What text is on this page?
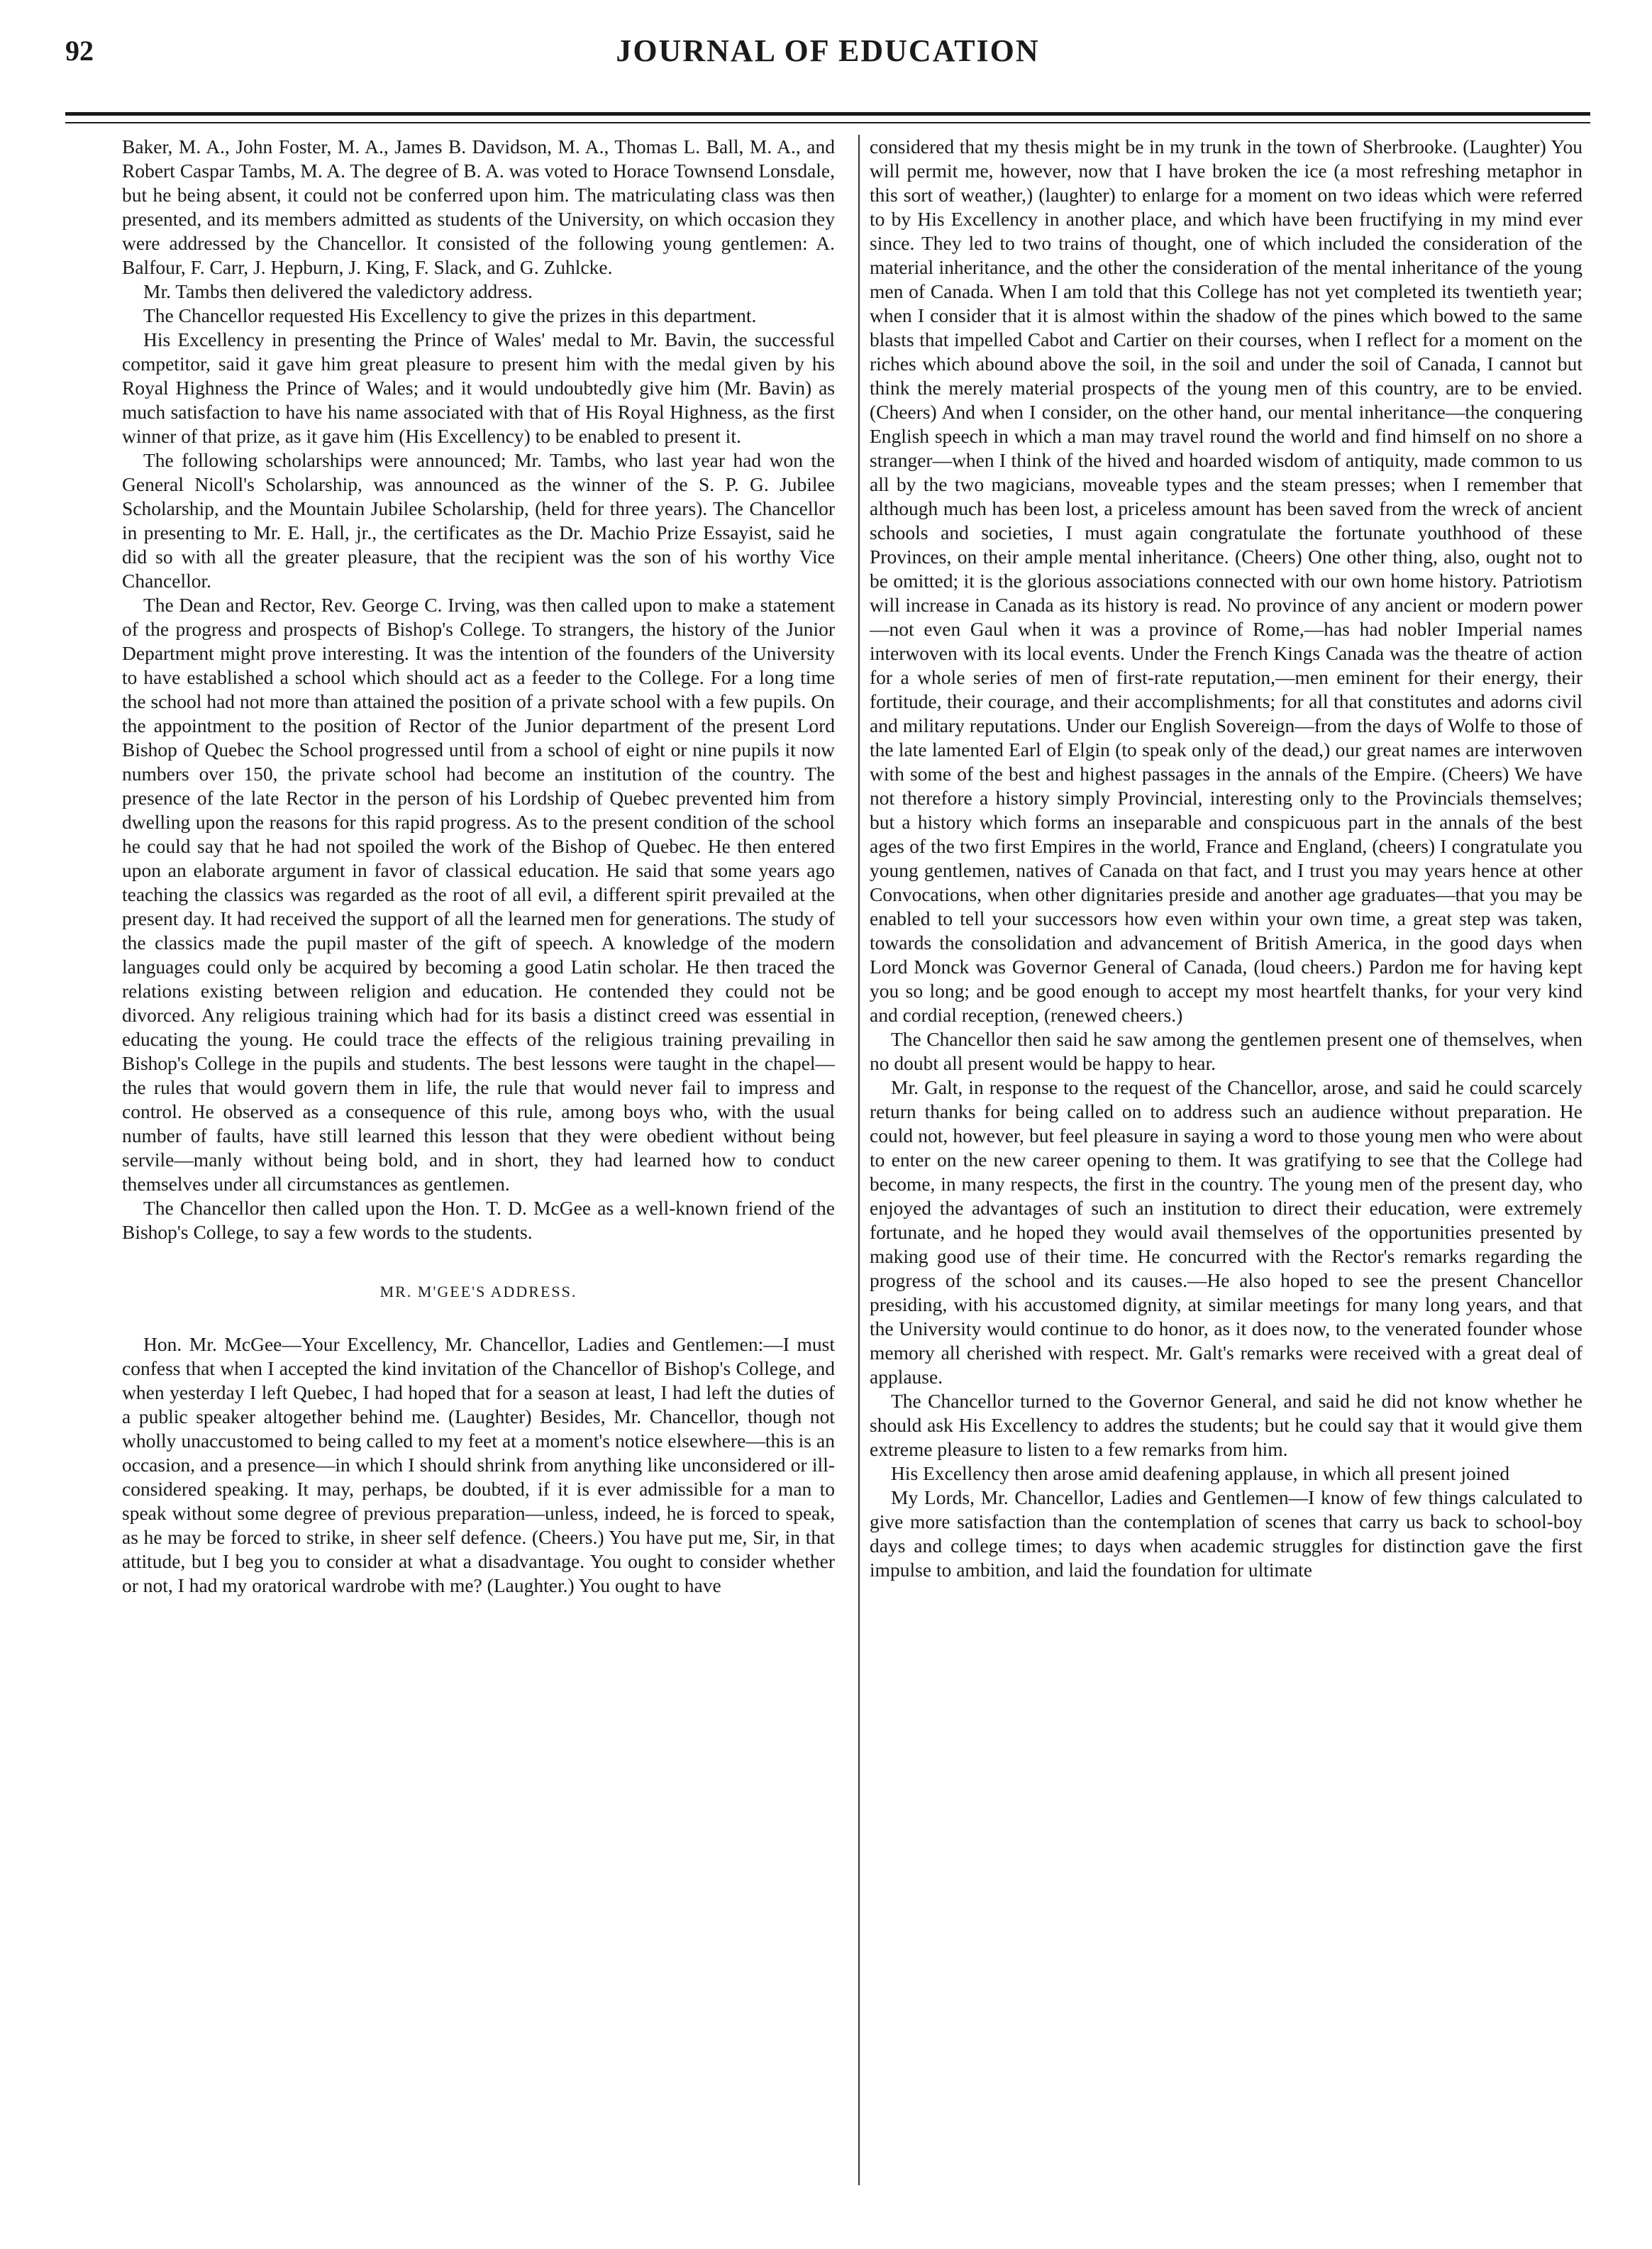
92	JOURNAL OF EDUCATION

Baker, M. A., John Foster, M. A., James B. Davidson, M. A., Thomas L. Ball, M. A., and Robert Caspar Tambs, M. A. The degree of B. A. was voted to Horace Townsend Lonsdale, but he being absent, it could not be conferred upon him. The matriculating class was then presented, and its members admitted as students of the University, on which occasion they were addressed by the Chancellor. It consisted of the following young gentlemen: A. Balfour, F. Carr, J. Hepburn, J. King, F. Slack, and G. Zuhlcke.

Mr. Tambs then delivered the valedictory address.

The Chancellor requested His Excellency to give the prizes in this department.

His Excellency in presenting the Prince of Wales' medal to Mr. Bavin, the successful competitor, said it gave him great pleasure to present him with the medal given by his Royal Highness the Prince of Wales; and it would undoubtedly give him (Mr. Bavin) as much satisfaction to have his name associated with that of His Royal Highness, as the first winner of that prize, as it gave him (His Excellency) to be enabled to present it.

The following scholarships were announced; Mr. Tambs, who last year had won the General Nicoll's Scholarship, was announced as the winner of the S. P. G. Jubilee Scholarship, and the Mountain Jubilee Scholarship, (held for three years). The Chancellor in presenting to Mr. E. Hall, jr., the certificates as the Dr. Machio Prize Essayist, said he did so with all the greater pleasure, that the recipient was the son of his worthy Vice Chancellor.

The Dean and Rector, Rev. George C. Irving, was then called upon to make a statement of the progress and prospects of Bishop's College. To strangers, the history of the Junior Department might prove interesting. It was the intention of the founders of the University to have established a school which should act as a feeder to the College. For a long time the school had not more than attained the position of a private school with a few pupils. On the appointment to the position of Rector of the Junior department of the present Lord Bishop of Quebec the School progressed until from a school of eight or nine pupils it now numbers over 150, the private school had become an institution of the country. The presence of the late Rector in the person of his Lordship of Quebec prevented him from dwelling upon the reasons for this rapid progress. As to the present condition of the school he could say that he had not spoiled the work of the Bishop of Quebec. He then entered upon an elaborate argument in favor of classical education. He said that some years ago teaching the classics was regarded as the root of all evil, a different spirit prevailed at the present day. It had received the support of all the learned men for generations. The study of the classics made the pupil master of the gift of speech. A knowledge of the modern languages could only be acquired by becoming a good Latin scholar. He then traced the relations existing between religion and education. He contended they could not be divorced. Any religious training which had for its basis a distinct creed was essential in educating the young. He could trace the effects of the religious training prevailing in Bishop's College in the pupils and students. The best lessons were taught in the chapel—the rules that would govern them in life, the rule that would never fail to impress and control. He observed as a consequence of this rule, among boys who, with the usual number of faults, have still learned this lesson that they were obedient without being servile—manly without being bold, and in short, they had learned how to conduct themselves under all circumstances as gentlemen.

The Chancellor then called upon the Hon. T. D. McGee as a well-known friend of the Bishop's College, to say a few words to the students.

MR. M'GEE'S ADDRESS.

Hon. Mr. McGee—Your Excellency, Mr. Chancellor, Ladies and Gentlemen:—I must confess that when I accepted the kind invitation of the Chancellor of Bishop's College, and when yesterday I left Quebec, I had hoped that for a season at least, I had left the duties of a public speaker altogether behind me. (Laughter) Besides, Mr. Chancellor, though not wholly unaccustomed to being called to my feet at a moment's notice elsewhere—this is an occasion, and a presence—in which I should shrink from anything like unconsidered or ill-considered speaking. It may, perhaps, be doubted, if it is ever admissible for a man to speak without some degree of previous preparation—unless, indeed, he is forced to speak, as he may be forced to strike, in sheer self defence. (Cheers.) You have put me, Sir, in that attitude, but I beg you to consider at what a disadvantage. You ought to consider whether or not, I had my oratorical wardrobe with me? (Laughter.) You ought to have

considered that my thesis might be in my trunk in the town of Sherbrooke. (Laughter) You will permit me, however, now that I have broken the ice (a most refreshing metaphor in this sort of weather,) (laughter) to enlarge for a moment on two ideas which were referred to by His Excellency in another place, and which have been fructifying in my mind ever since. They led to two trains of thought, one of which included the consideration of the material inheritance, and the other the consideration of the mental inheritance of the young men of Canada. When I am told that this College has not yet completed its twentieth year; when I consider that it is almost within the shadow of the pines which bowed to the same blasts that impelled Cabot and Cartier on their courses, when I reflect for a moment on the riches which abound above the soil, in the soil and under the soil of Canada, I cannot but think the merely material prospects of the young men of this country, are to be envied. (Cheers) And when I consider, on the other hand, our mental inheritance—the conquering English speech in which a man may travel round the world and find himself on no shore a stranger—when I think of the hived and hoarded wisdom of antiquity, made common to us all by the two magicians, moveable types and the steam presses; when I remember that although much has been lost, a priceless amount has been saved from the wreck of ancient schools and societies, I must again congratulate the fortunate youthhood of these Provinces, on their ample mental inheritance. (Cheers) One other thing, also, ought not to be omitted; it is the glorious associations connected with our own home history. Patriotism will increase in Canada as its history is read. No province of any ancient or modern power—not even Gaul when it was a province of Rome,—has had nobler Imperial names interwoven with its local events. Under the French Kings Canada was the theatre of action for a whole series of men of first-rate reputation,—men eminent for their energy, their fortitude, their courage, and their accomplishments; for all that constitutes and adorns civil and military reputations. Under our English Sovereign—from the days of Wolfe to those of the late lamented Earl of Elgin (to speak only of the dead,) our great names are interwoven with some of the best and highest passages in the annals of the Empire. (Cheers) We have not therefore a history simply Provincial, interesting only to the Provincials themselves; but a history which forms an inseparable and conspicuous part in the annals of the best ages of the two first Empires in the world, France and England, (cheers) I congratulate you young gentlemen, natives of Canada on that fact, and I trust you may years hence at other Convocations, when other dignitaries preside and another age graduates—that you may be enabled to tell your successors how even within your own time, a great step was taken, towards the consolidation and advancement of British America, in the good days when Lord Monck was Governor General of Canada, (loud cheers.) Pardon me for having kept you so long; and be good enough to accept my most heartfelt thanks, for your very kind and cordial reception, (renewed cheers.)

The Chancellor then said he saw among the gentlemen present one of themselves, when no doubt all present would be happy to hear.

Mr. Galt, in response to the request of the Chancellor, arose, and said he could scarcely return thanks for being called on to address such an audience without preparation. He could not, however, but feel pleasure in saying a word to those young men who were about to enter on the new career opening to them. It was gratifying to see that the College had become, in many respects, the first in the country. The young men of the present day, who enjoyed the advantages of such an institution to direct their education, were extremely fortunate, and he hoped they would avail themselves of the opportunities presented by making good use of their time. He concurred with the Rector's remarks regarding the progress of the school and its causes.—He also hoped to see the present Chancellor presiding, with his accustomed dignity, at similar meetings for many long years, and that the University would continue to do honor, as it does now, to the venerated founder whose memory all cherished with respect. Mr. Galt's remarks were received with a great deal of applause.

The Chancellor turned to the Governor General, and said he did not know whether he should ask His Excellency to addres the students; but he could say that it would give them extreme pleasure to listen to a few remarks from him.

His Excellency then arose amid deafening applause, in which all present joined

My Lords, Mr. Chancellor, Ladies and Gentlemen—I know of few things calculated to give more satisfaction than the contemplation of scenes that carry us back to school-boy days and college times; to days when academic struggles for distinction gave the first impulse to ambition, and laid the foundation for ultimate
